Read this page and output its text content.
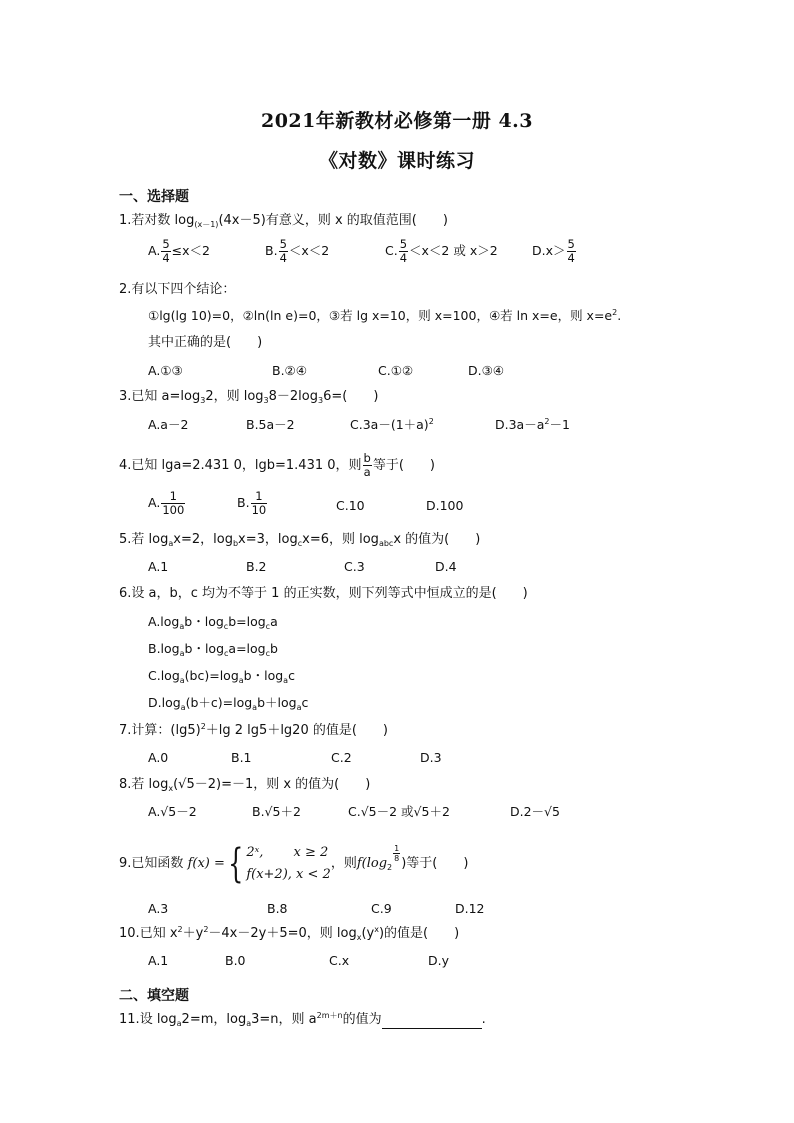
2021年新教材必修第一册 4.3
《对数》课时练习
一、选择题
1.若对数 $\log_{(x-1)}(4x-5)$有意义，则 x 的取值范围(　　)
A. $\frac{5}{4} \le x<2$	B. $\frac{5}{4} <x<2$	C. $\frac{5}{4} <x<2$ 或 x＞2	$D.x> \frac{5}{4}$
2.有以下四个结论：
①lg(lg 10)=0，②ln(ln e)=0，③若 lg x=10，则 x=100，④若 ln x=e，则 $x=e^2$.
其中正确的是(　　)
A.①③	B.②④	C.①②	D.③④
3.已知 $a=\log_32$，则 $\log_38-2\log_36=$(　　)
A.a－2	B.5a－2	$C.3a-(1+a)^2$	$D.3a-a^2-1$
4.已知 lga=2.431 0，lgb=1.431 0，则 $\frac{b}{a}$ 等于(　　)
A. $\frac{1}{100}$	B. $\frac{1}{10}$	C.10	D.100
5.若 $\log_ax=2$，$\log_bx=3$，$\log_cx=6$，则 $\log_{abc}x$ 的值为(　　)
A.1	B.2	C.3	D.4
6.设 a，b，c 均为不等于 1 的正实数，则下列等式中恒成立的是(　　)
$A.\log_ab$・$\log_cb=\log_ca$
$B.\log_ab$・$\log_ca=\log_cb$
$C.\log_a(bc)=\log_ab$・$\log_ac$
$D.\log_a(b+c)=\log_ab+\log_ac$
7.计算：$(\lg 5)^2+\lg$ 2 lg5＋lg20 的值是(　　)
A.0	B.1	C.2	D.3
8.若 $\log_x(√5-2)=-1$，则 x 的值为(　　)
A.√5－2	B.√5＋2	C.√5－2 或√5＋2	D.2－√5
9.已知函数 f(x) ={ 2ˣ,　　 x ≥ 2
f(x+2), x < 2
，则$f(\log_2$
$\frac{1}{8}$
)等于(　　)
A.3	B.8	C.9	D.12
10.已知 $x^2+y^2-4x-2y+5=0$，则 $\log_x(y^x)$的值是(　　)
A.1	B.0	C.x	D.y
二、填空题
11.设 $\log_a2=m$，$\log_a3=n$，则 $a^{2m+n}$的值为	.
